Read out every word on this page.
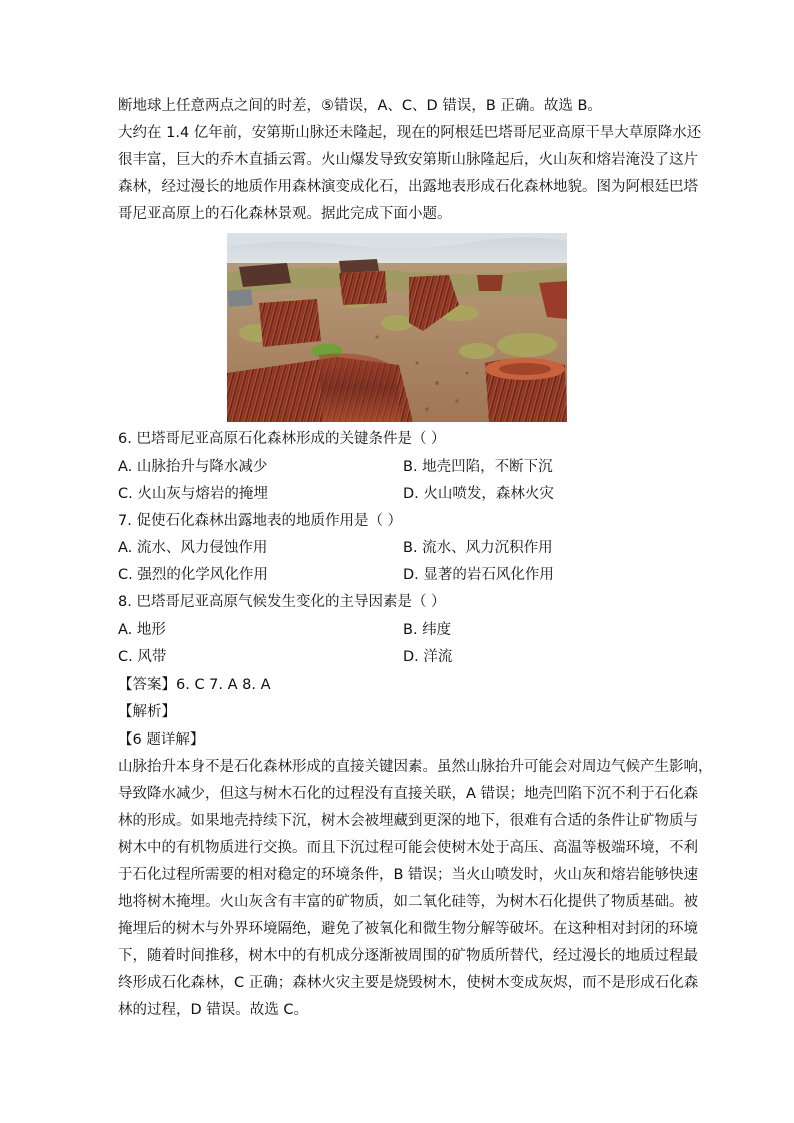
断地球上任意两点之间的时差，⑤错误，A、C、D 错误，B 正确。故选 B。
大约在 1.4 亿年前，安第斯山脉还未隆起，现在的阿根廷巴塔哥尼亚高原干旱大草原降水还
很丰富，巨大的乔木直插云霄。火山爆发导致安第斯山脉隆起后，火山灰和熔岩淹没了这片
森林，经过漫长的地质作用森林演变成化石，出露地表形成石化森林地貌。图为阿根廷巴塔
哥尼亚高原上的石化森林景观。据此完成下面小题。
6. 巴塔哥尼亚高原石化森林形成的关键条件是（ ）
A. 山脉抬升与降水减少	B. 地壳凹陷，不断下沉
C. 火山灰与熔岩的掩埋	D. 火山喷发，森林火灾
7. 促使石化森林出露地表的地质作用是（ ）
A. 流水、风力侵蚀作用	B. 流水、风力沉积作用
C. 强烈的化学风化作用	D. 显著的岩石风化作用
8. 巴塔哥尼亚高原气候发生变化的主导因素是（ ）
A. 地形	B. 纬度
C. 风带	D. 洋流
【答案】6. C 7. A 8. A
【解析】
【6 题详解】
山脉抬升本身不是石化森林形成的直接关键因素。虽然山脉抬升可能会对周边气候产生影响，
导致降水减少，但这与树木石化的过程没有直接关联，A 错误；地壳凹陷下沉不利于石化森
林的形成。如果地壳持续下沉，树木会被埋藏到更深的地下，很难有合适的条件让矿物质与
树木中的有机物质进行交换。而且下沉过程可能会使树木处于高压、高温等极端环境，不利
于石化过程所需要的相对稳定的环境条件，B 错误；当火山喷发时，火山灰和熔岩能够快速
地将树木掩埋。火山灰含有丰富的矿物质，如二氧化硅等，为树木石化提供了物质基础。被
掩埋后的树木与外界环境隔绝，避免了被氧化和微生物分解等破坏。在这种相对封闭的环境
下，随着时间推移，树木中的有机成分逐渐被周围的矿物质所替代，经过漫长的地质过程最
终形成石化森林，C 正确；森林火灾主要是烧毁树木，使树木变成灰烬，而不是形成石化森
林的过程，D 错误。故选 C。
